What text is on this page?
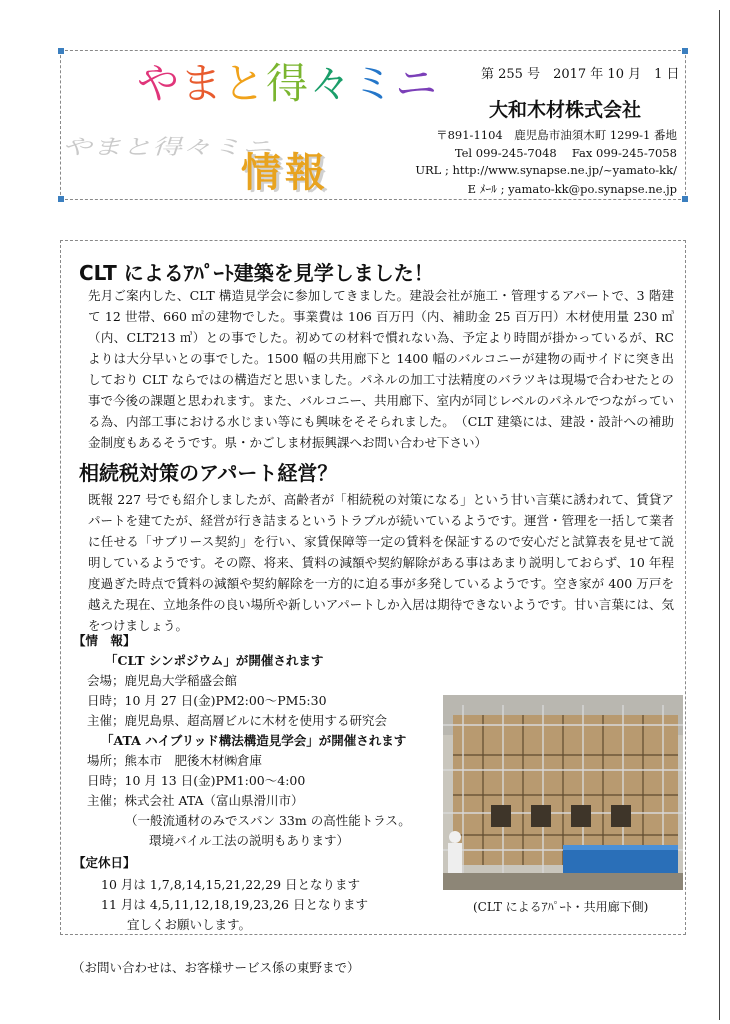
やまと得々ミニ
やまと得々ミニ
情報
第 255 号　2017 年 10 月　1 日
大和木材株式会社
〒891-1104　鹿児島市油須木町 1299-1 番地
Tel 099-245-7048　 Fax 099-245-7058
URL ; http://www.synapse.ne.jp/~yamato-kk/
E ﾒｰﾙ ; yamato-kk@po.synapse.ne.jp
CLT によるｱﾊﾟｰﾄ建築を見学しました！
先月ご案内した、CLT 構造見学会に参加してきました。建設会社が施工・管理するアパートで、3 階建て 12 世帯、660 ㎡の建物でした。事業費は 106 百万円（内、補助金 25 百万円）木材使用量 230 ㎥（内、CLT213 ㎥）との事でした。初めての材料で慣れない為、予定より時間が掛かっているが、RC よりは大分早いとの事でした。1500 幅の共用廊下と 1400 幅のバルコニーが建物の両サイドに突き出しており CLT ならではの構造だと思いました。パネルの加工寸法精度のバラツキは現場で合わせたとの事で今後の課題と思われます。また、バルコニー、共用廊下、室内が同じレベルのパネルでつながっている為、内部工事における水じまい等にも興味をそそられました。　（CLT 建築には、建設・設計への補助金制度もあるそうです。県・かごしま材振興課へお問い合わせ下さい）
相続税対策のアパート経営？
既報 227 号でも紹介しましたが、高齢者が「相続税の対策になる」という甘い言葉に誘われて、賃貸アパートを建てたが、経営が行き詰まるというトラブルが続いているようです。運営・管理を一括して業者に任せる「サブリース契約」を行い、家賃保障等一定の賃料を保証するので安心だと試算表を見せて説明しているようです。その際、将来、賃料の減額や契約解除がある事はあまり説明しておらず、10 年程度過ぎた時点で賃料の減額や契約解除を一方的に迫る事が多発しているようです。空き家が 400 万戸を越えた現在、立地条件の良い場所や新しいアパートしか入居は期待できないようです。甘い言葉には、気をつけましょう。
【情　報】
「CLT シンポジウム」が開催されます
会場；鹿児島大学稲盛会館
日時；10 月 27 日(金)PM2:00～PM5:30
主催；鹿児島県、超高層ビルに木材を使用する研究会
「ATA ハイブリッド構法構造見学会」が開催されます
場所；熊本市　肥後木材㈱倉庫
日時；10 月 13 日(金)PM1:00～4:00
主催；株式会社 ATA（富山県滑川市）
（一般流通材のみでスパン 33m の高性能トラス。
環境パイル工法の説明もあります）
【定休日】
10 月は 1,7,8,14,15,21,22,29 日となります
11 月は 4,5,11,12,18,19,23,26 日となります
宜しくお願いします。
(CLT によるｱﾊﾟｰﾄ・共用廊下側)
（お問い合わせは、お客様サービス係の東野まで）
